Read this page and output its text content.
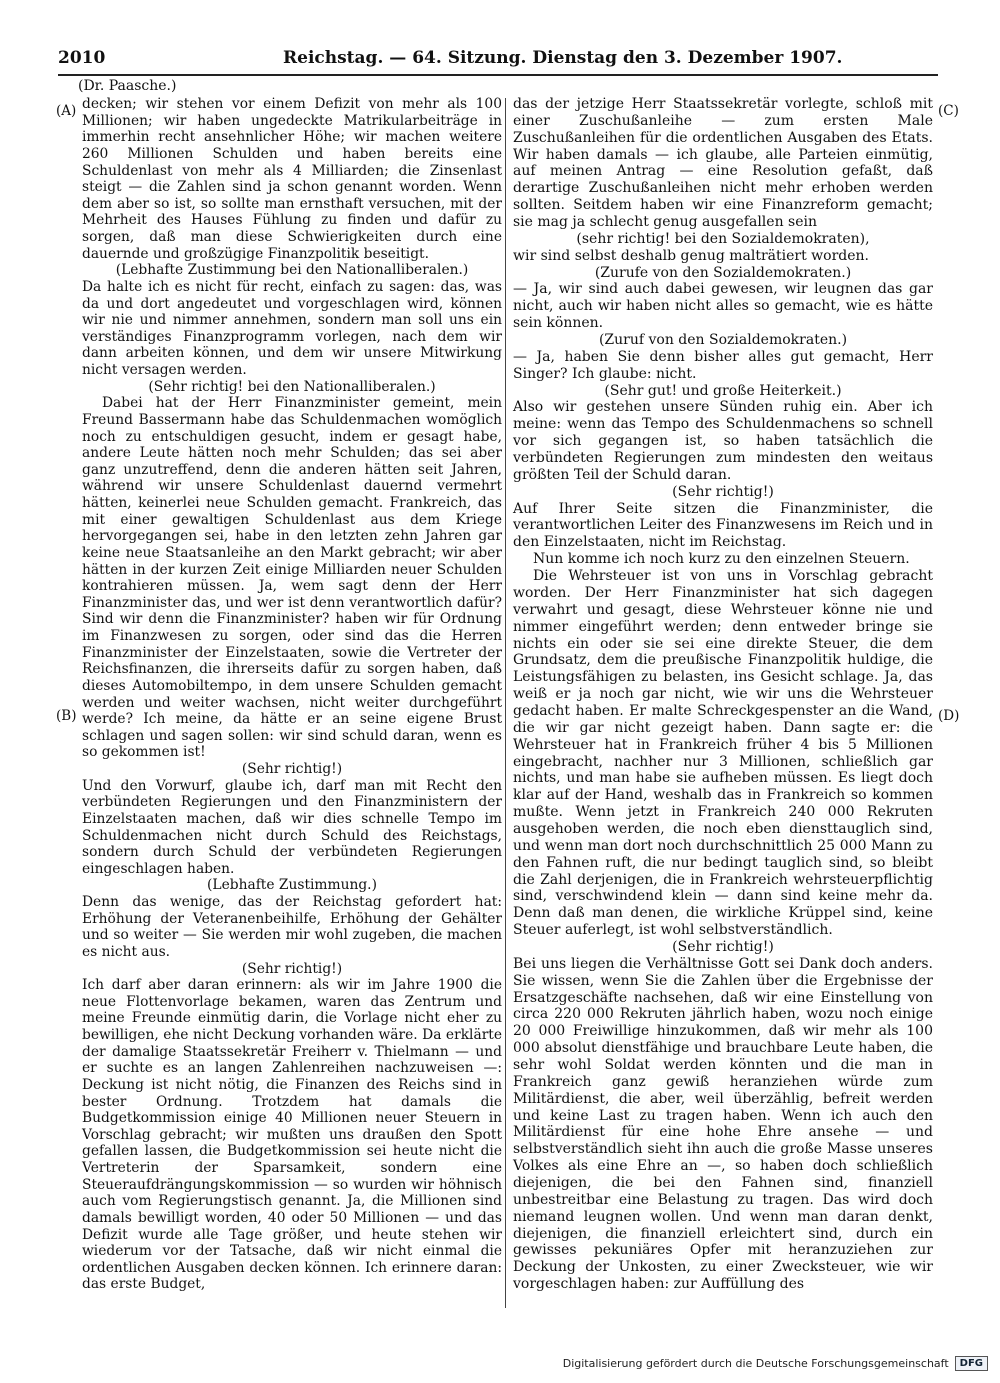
2010	Reichstag. — 64. Sitzung. Dienstag den 3. Dezember 1907.
(Dr. Paasche.)
(A)
(B)
(C)
(D)

decken; wir stehen vor einem Defizit von mehr als 100 Millionen; wir haben ungedeckte Matrikularbeiträge in immerhin recht ansehnlicher Höhe; wir machen weitere 260 Millionen Schulden und haben bereits eine Schuldenlast von mehr als 4 Milliarden; die Zinsenlast steigt — die Zahlen sind ja schon genannt worden. Wenn dem aber so ist, so sollte man ernsthaft versuchen, mit der Mehrheit des Hauses Fühlung zu finden und dafür zu sorgen, daß man diese Schwierigkeiten durch eine dauernde und großzügige Finanzpolitik beseitigt.

(Lebhafte Zustimmung bei den Nationalliberalen.)

Da halte ich es nicht für recht, einfach zu sagen: das, was da und dort angedeutet und vorgeschlagen wird, können wir nie und nimmer annehmen, sondern man soll uns ein verständiges Finanzprogramm vorlegen, nach dem wir dann arbeiten können, und dem wir unsere Mitwirkung nicht versagen werden.

(Sehr richtig! bei den Nationalliberalen.)

Dabei hat der Herr Finanzminister gemeint, mein Freund Bassermann habe das Schuldenmachen womöglich noch zu entschuldigen gesucht, indem er gesagt habe, andere Leute hätten noch mehr Schulden; das sei aber ganz unzutreffend, denn die anderen hätten seit Jahren, während wir unsere Schuldenlast dauernd vermehrt hätten, keinerlei neue Schulden gemacht. Frankreich, das mit einer gewaltigen Schuldenlast aus dem Kriege hervorgegangen sei, habe in den letzten zehn Jahren gar keine neue Staatsanleihe an den Markt gebracht; wir aber hätten in der kurzen Zeit einige Milliarden neuer Schulden kontrahieren müssen. Ja, wem sagt denn der Herr Finanzminister das, und wer ist denn verantwortlich dafür? Sind wir denn die Finanzminister? haben wir für Ordnung im Finanzwesen zu sorgen, oder sind das die Herren Finanzminister der Einzelstaaten, sowie die Vertreter der Reichsfinanzen, die ihrerseits dafür zu sorgen haben, daß dieses Automobiltempo, in dem unsere Schulden gemacht werden und weiter wachsen, nicht weiter durchgeführt werde? Ich meine, da hätte er an seine eigene Brust schlagen und sagen sollen: wir sind schuld daran, wenn es so gekommen ist!

(Sehr richtig!)

Und den Vorwurf, glaube ich, darf man mit Recht den verbündeten Regierungen und den Finanzministern der Einzelstaaten machen, daß wir dies schnelle Tempo im Schuldenmachen nicht durch Schuld des Reichstags, sondern durch Schuld der verbündeten Regierungen eingeschlagen haben.

(Lebhafte Zustimmung.)

Denn das wenige, das der Reichstag gefordert hat: Erhöhung der Veteranenbeihilfe, Erhöhung der Gehälter und so weiter — Sie werden mir wohl zugeben, die machen es nicht aus.

(Sehr richtig!)

Ich darf aber daran erinnern: als wir im Jahre 1900 die neue Flottenvorlage bekamen, waren das Zentrum und meine Freunde einmütig darin, die Vorlage nicht eher zu bewilligen, ehe nicht Deckung vorhanden wäre. Da erklärte der damalige Staatssekretär Freiherr v. Thielmann — und er suchte es an langen Zahlenreihen nachzuweisen —: Deckung ist nicht nötig, die Finanzen des Reichs sind in bester Ordnung. Trotzdem hat damals die Budgetkommission einige 40 Millionen neuer Steuern in Vorschlag gebracht; wir mußten uns draußen den Spott gefallen lassen, die Budgetkommission sei heute nicht die Vertreterin der Sparsamkeit, sondern eine Steueraufdrängungskommission — so wurden wir höhnisch auch vom Regierungstisch genannt. Ja, die Millionen sind damals bewilligt worden, 40 oder 50 Millionen — und das Defizit wurde alle Tage größer, und heute stehen wir wiederum vor der Tatsache, daß wir nicht einmal die ordentlichen Ausgaben decken können. Ich erinnere daran: das erste Budget,

das der jetzige Herr Staatssekretär vorlegte, schloß mit einer Zuschußanleihe — zum ersten Male Zuschußanleihen für die ordentlichen Ausgaben des Etats. Wir haben damals — ich glaube, alle Parteien einmütig, auf meinen Antrag — eine Resolution gefaßt, daß derartige Zuschußanleihen nicht mehr erhoben werden sollten. Seitdem haben wir eine Finanzreform gemacht; sie mag ja schlecht genug ausgefallen sein

(sehr richtig! bei den Sozialdemokraten),

wir sind selbst deshalb genug malträtiert worden.

(Zurufe von den Sozialdemokraten.)

— Ja, wir sind auch dabei gewesen, wir leugnen das gar nicht, auch wir haben nicht alles so gemacht, wie es hätte sein können.

(Zuruf von den Sozialdemokraten.)

— Ja, haben Sie denn bisher alles gut gemacht, Herr Singer? Ich glaube: nicht.

(Sehr gut! und große Heiterkeit.)

Also wir gestehen unsere Sünden ruhig ein. Aber ich meine: wenn das Tempo des Schuldenmachens so schnell vor sich gegangen ist, so haben tatsächlich die verbündeten Regierungen zum mindesten den weitaus größten Teil der Schuld daran.

(Sehr richtig!)

Auf Ihrer Seite sitzen die Finanzminister, die verantwortlichen Leiter des Finanzwesens im Reich und in den Einzelstaaten, nicht im Reichstag.

Nun komme ich noch kurz zu den einzelnen Steuern.

Die Wehrsteuer ist von uns in Vorschlag gebracht worden. Der Herr Finanzminister hat sich dagegen verwahrt und gesagt, diese Wehrsteuer könne nie und nimmer eingeführt werden; denn entweder bringe sie nichts ein oder sie sei eine direkte Steuer, die dem Grundsatz, dem die preußische Finanzpolitik huldige, die Leistungsfähigen zu belasten, ins Gesicht schlage. Ja, das weiß er ja noch gar nicht, wie wir uns die Wehrsteuer gedacht haben. Er malte Schreckgespenster an die Wand, die wir gar nicht gezeigt haben. Dann sagte er: die Wehrsteuer hat in Frankreich früher 4 bis 5 Millionen eingebracht, nachher nur 3 Millionen, schließlich gar nichts, und man habe sie aufheben müssen. Es liegt doch klar auf der Hand, weshalb das in Frankreich so kommen mußte. Wenn jetzt in Frankreich 240 000 Rekruten ausgehoben werden, die noch eben diensttauglich sind, und wenn man dort noch durchschnittlich 25 000 Mann zu den Fahnen ruft, die nur bedingt tauglich sind, so bleibt die Zahl derjenigen, die in Frankreich wehrsteuerpflichtig sind, verschwindend klein — dann sind keine mehr da. Denn daß man denen, die wirkliche Krüppel sind, keine Steuer auferlegt, ist wohl selbstverständlich.

(Sehr richtig!)

Bei uns liegen die Verhältnisse Gott sei Dank doch anders. Sie wissen, wenn Sie die Zahlen über die Ergebnisse der Ersatzgeschäfte nachsehen, daß wir eine Einstellung von circa 220 000 Rekruten jährlich haben, wozu noch einige 20 000 Freiwillige hinzukommen, daß wir mehr als 100 000 absolut dienstfähige und brauchbare Leute haben, die sehr wohl Soldat werden könnten und die man in Frankreich ganz gewiß heranziehen würde zum Militärdienst, die aber, weil überzählig, befreit werden und keine Last zu tragen haben. Wenn ich auch den Militärdienst für eine hohe Ehre ansehe — und selbstverständlich sieht ihn auch die große Masse unseres Volkes als eine Ehre an —, so haben doch schließlich diejenigen, die bei den Fahnen sind, finanziell unbestreitbar eine Belastung zu tragen. Das wird doch niemand leugnen wollen. Und wenn man daran denkt, diejenigen, die finanziell erleichtert sind, durch ein gewisses pekuniäres Opfer mit heranzuziehen zur Deckung der Unkosten, zu einer Zwecksteuer, wie wir vorgeschlagen haben: zur Auffüllung des

Digitalisierung gefördert durch die Deutsche Forschungsgemeinschaft	DFG
